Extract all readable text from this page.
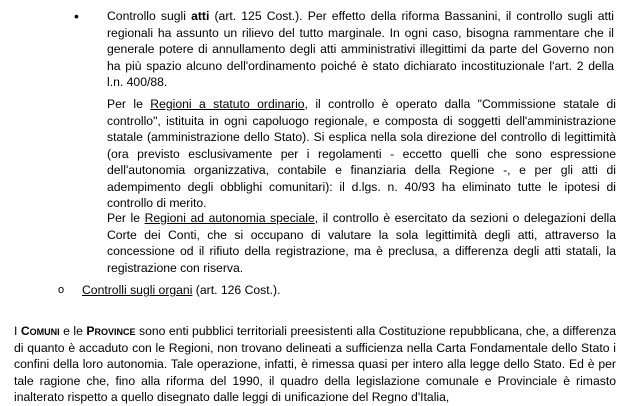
• Controllo sugli atti (art. 125 Cost.). Per effetto della riforma Bassanini, il controllo sugli atti regionali ha assunto un rilievo del tutto marginale. In ogni caso, bisogna rammentare che il generale potere di annullamento degli atti amministrativi illegittimi da parte del Governo non ha più spazio alcuno dell'ordinamento poiché è stato dichiarato incostituzionale l'art. 2 della l.n. 400/88.

Per le Regioni a statuto ordinario, il controllo è operato dalla "Commissione statale di controllo", istituita in ogni capoluogo regionale, e composta di soggetti dell'amministrazione statale (amministrazione dello Stato). Si esplica nella sola direzione del controllo di legittimità (ora previsto esclusivamente per i regolamenti - eccetto quelli che sono espressione dell'autonomia organizzativa, contabile e finanziaria della Regione -, e per gli atti di adempimento degli obblighi comunitari): il d.lgs. n. 40/93 ha eliminato tutte le ipotesi di controllo di merito.

Per le Regioni ad autonomia speciale, il controllo è esercitato da sezioni o delegazioni della Corte dei Conti, che si occupano di valutare la sola legittimità degli atti, attraverso la concessione od il rifiuto della registrazione, ma è preclusa, a differenza degli atti statali, la registrazione con riserva.

o Controlli sugli organi (art. 126 Cost.).

I Comuni e le Province sono enti pubblici territoriali preesistenti alla Costituzione repubblicana, che, a differenza di quanto è accaduto con le Regioni, non trovano delineati a sufficienza nella Carta Fondamentale dello Stato i confini della loro autonomia. Tale operazione, infatti, è rimessa quasi per intero alla legge dello Stato. Ed è per tale ragione che, fino alla riforma del 1990, il quadro della legislazione comunale e Provinciale è rimasto inalterato rispetto a quello disegnato dalle leggi di unificazione del Regno d'Italia,
